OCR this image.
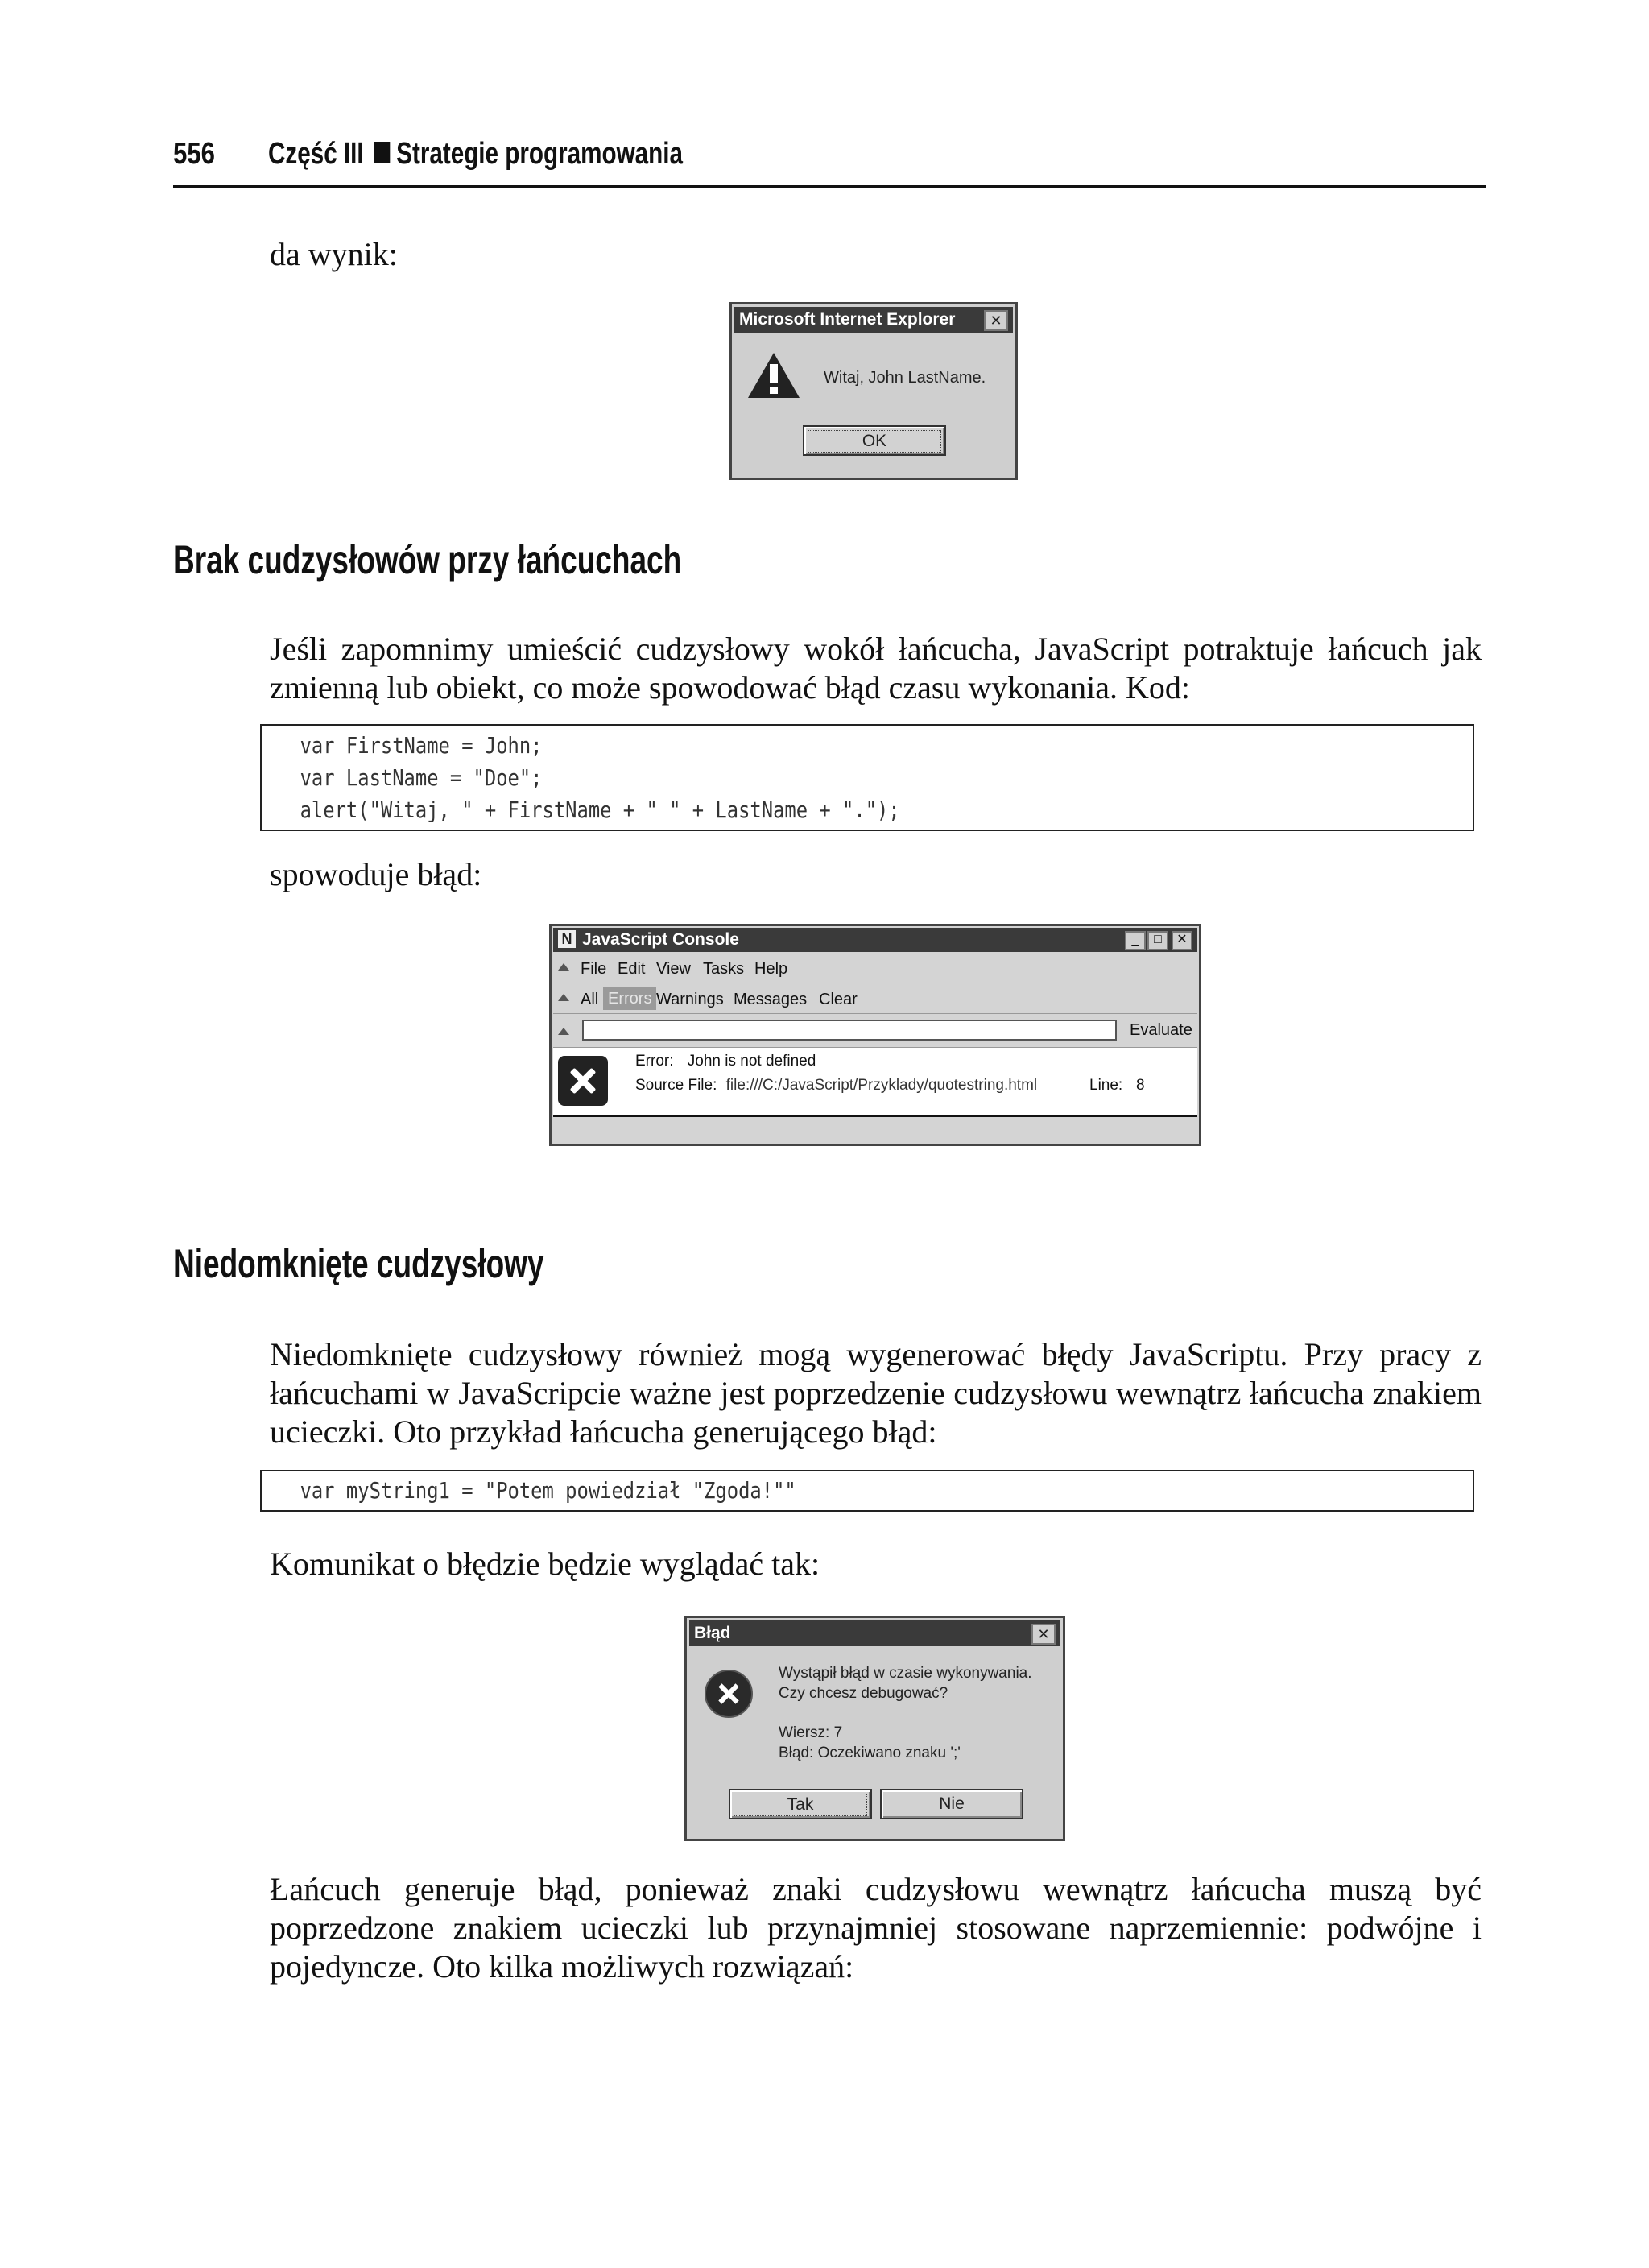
556 Część III Strategie programowania
da wynik:
Microsoft Internet Explorer	✕
Witaj, John LastName.
OK
Brak cudzysłowów przy łańcuchach
Jeśli zapomnimy umieścić cudzysłowy wokół łańcucha, JavaScript potraktuje łańcuch jak zmienną lub obiekt, co może spowodować błąd czasu wykonania. Kod:
var FirstName = John;
var LastName = "Doe";
alert("Witaj, " + FirstName + " " + LastName + ".");
spowoduje błąd:
N JavaScript Console	_	□	✕
File Edit View Tasks Help
All Errors Warnings Messages Clear
Evaluate
Error: John is not defined
Source File: file:///C:/JavaScript/Przyklady/quotestring.html	Line: 8
Niedomknięte cudzysłowy
Niedomknięte cudzysłowy również mogą wygenerować błędy JavaScriptu. Przy pracy z łańcuchami w JavaScripcie ważne jest poprzedzenie cudzysłowu wewnątrz łańcucha znakiem ucieczki. Oto przykład łańcucha generującego błąd:
var myString1 = "Potem powiedział "Zgoda!""
Komunikat o błędzie będzie wyglądać tak:
Błąd	✕
Wystąpił błąd w czasie wykonywania.
Czy chcesz debugować?
Wiersz: 7
Błąd: Oczekiwano znaku ';'
Tak	Nie
Łańcuch generuje błąd, ponieważ znaki cudzysłowu wewnątrz łańcucha muszą być poprzedzone znakiem ucieczki lub przynajmniej stosowane naprzemiennie: podwójne i pojedyncze. Oto kilka możliwych rozwiązań:
